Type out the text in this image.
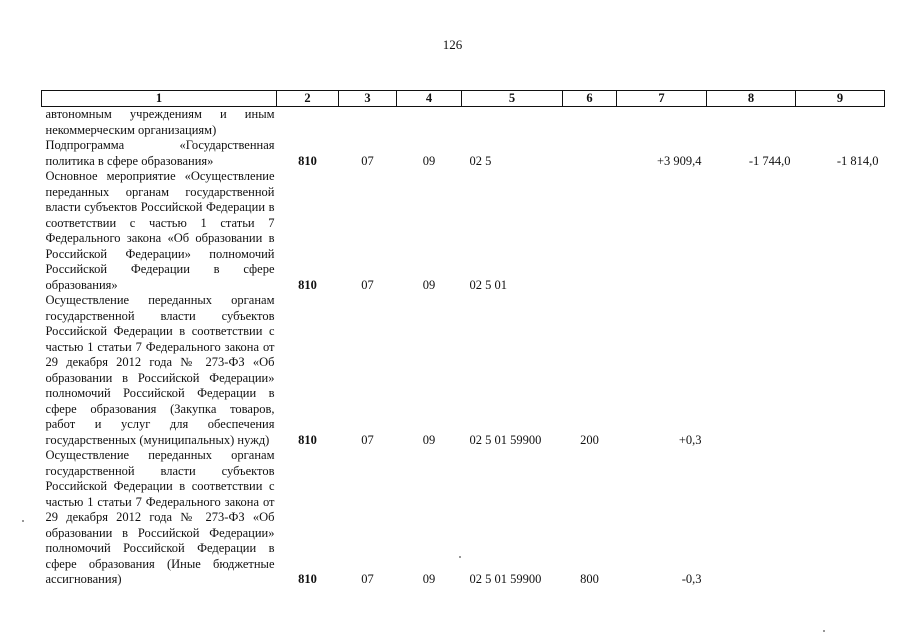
126
1	2	3	4	5	6	7	8	9
автономным учреждениям и иным некоммерческим организациям)								
Подпрограмма «Государственная политика в сфере образования»	810	07	09	02 5		+3 909,4	-1 744,0	-1 814,0
Основное мероприятие «Осуществление переданных органам государственной власти субъектов Российской Федерации в соответствии с частью 1 статьи 7 Федерального закона «Об образовании в Российской Федерации» полномочий Российской Федерации в сфере образования»	810	07	09	02 5 01				
Осуществление переданных органам государственной власти субъектов Российской Федерации в соответствии с частью 1 статьи 7 Федерального закона от 29 декабря 2012 года № 273-ФЗ «Об образовании в Российской Федерации» полномочий Российской Федерации в сфере образования (Закупка товаров, работ и услуг для обеспечения государственных (муниципальных) нужд)	810	07	09	02 5 01 59900	200	+0,3		
Осуществление переданных органам государственной власти субъектов Российской Федерации в соответствии с частью 1 статьи 7 Федерального закона от 29 декабря 2012 года № 273-ФЗ «Об образовании в Российской Федерации» полномочий Российской Федерации в сфере образования (Иные бюджетные ассигнования)	810	07	09	02 5 01 59900	800	-0,3		
